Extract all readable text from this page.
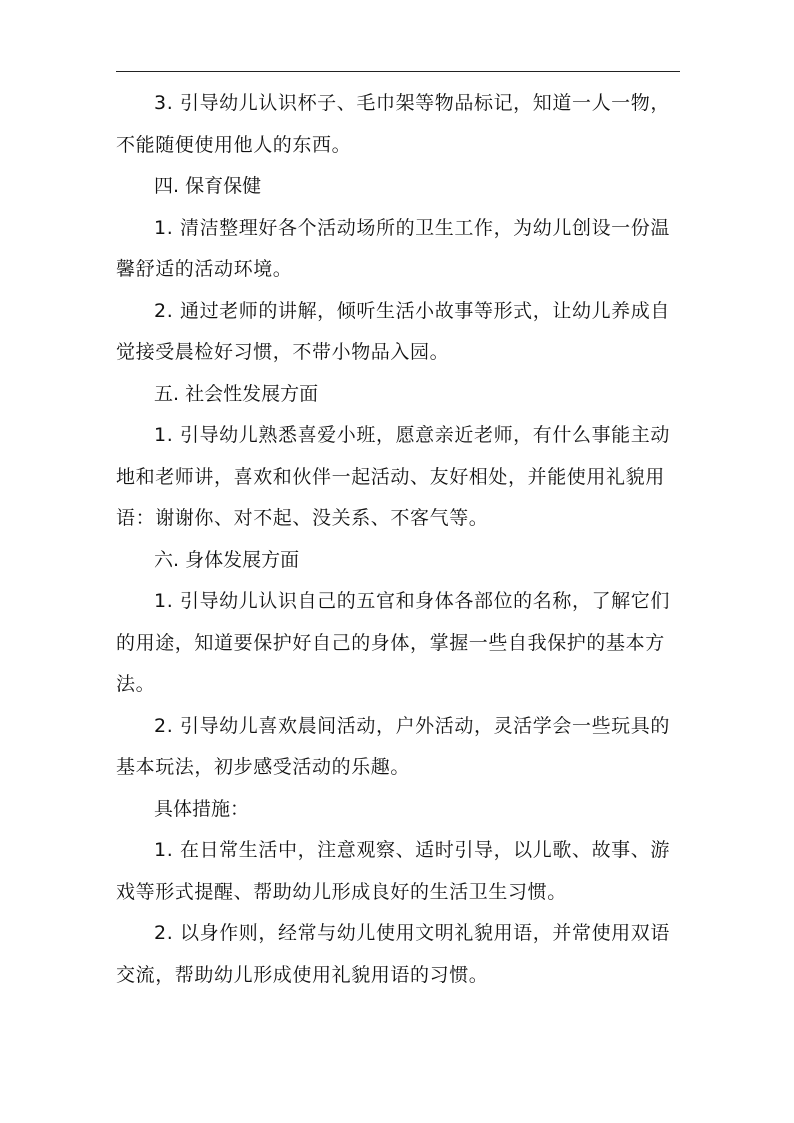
3. 引导幼儿认识杯子、毛巾架等物品标记，知道一人一物，不能随便使用他人的东西。

四. 保育保健

1. 清洁整理好各个活动场所的卫生工作，为幼儿创设一份温馨舒适的活动环境。

2. 通过老师的讲解，倾听生活小故事等形式，让幼儿养成自觉接受晨检好习惯，不带小物品入园。

五. 社会性发展方面

1. 引导幼儿熟悉喜爱小班，愿意亲近老师，有什么事能主动地和老师讲，喜欢和伙伴一起活动、友好相处，并能使用礼貌用语：谢谢你、对不起、没关系、不客气等。

六. 身体发展方面

1. 引导幼儿认识自己的五官和身体各部位的名称，了解它们的用途，知道要保护好自己的身体，掌握一些自我保护的基本方法。

2. 引导幼儿喜欢晨间活动，户外活动，灵活学会一些玩具的基本玩法，初步感受活动的乐趣。

具体措施：

1. 在日常生活中，注意观察、适时引导，以儿歌、故事、游戏等形式提醒、帮助幼儿形成良好的生活卫生习惯。

2. 以身作则，经常与幼儿使用文明礼貌用语，并常使用双语交流，帮助幼儿形成使用礼貌用语的习惯。
